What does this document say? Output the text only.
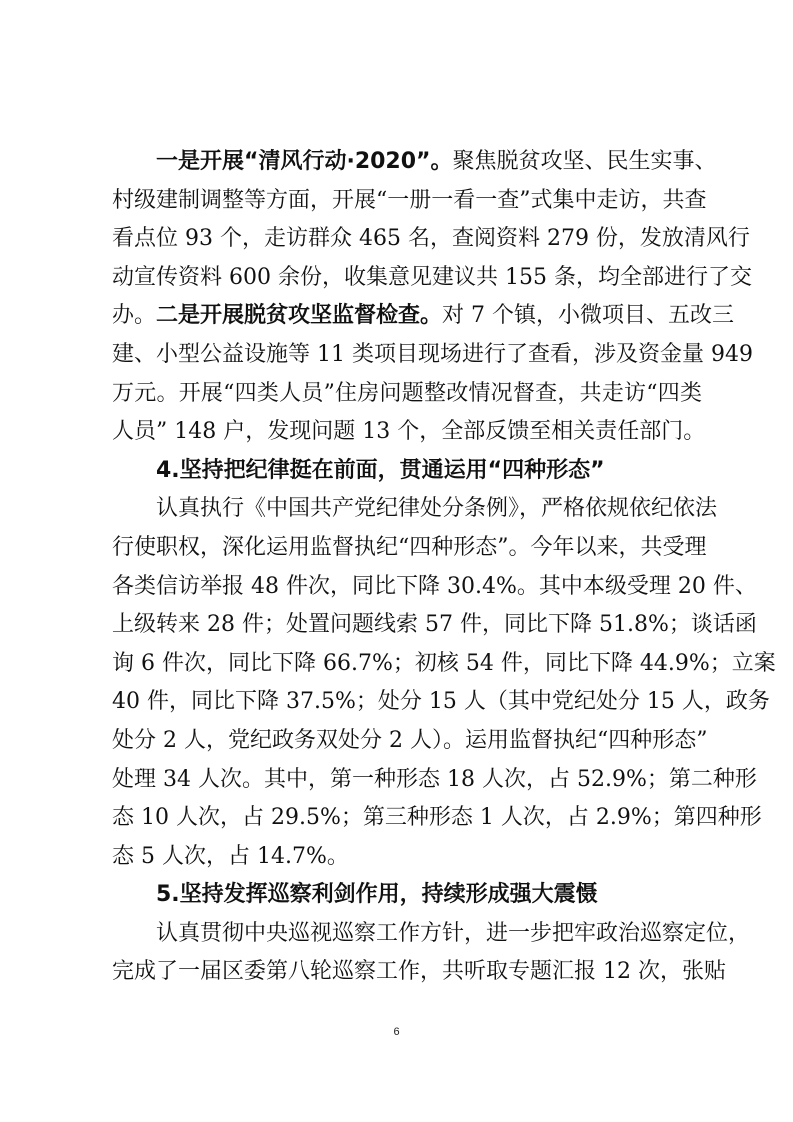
一是开展“清风行动·2020”。聚焦脱贫攻坚、民生实事、
村级建制调整等方面，开展“一册一看一查”式集中走访，共查
看点位 93 个，走访群众 465 名，查阅资料 279 份，发放清风行
动宣传资料 600 余份，收集意见建议共 155 条，均全部进行了交
办。二是开展脱贫攻坚监督检查。对 7 个镇，小微项目、五改三
建、小型公益设施等 11 类项目现场进行了查看，涉及资金量 949
万元。开展“四类人员”住房问题整改情况督查，共走访“四类
人员” 148 户，发现问题 13 个，全部反馈至相关责任部门。
4.坚持把纪律挺在前面，贯通运用“四种形态”
认真执行《中国共产党纪律处分条例》，严格依规依纪依法
行使职权，深化运用监督执纪“四种形态”。今年以来，共受理
各类信访举报 48 件次，同比下降 30.4%。其中本级受理 20 件、
上级转来 28 件；处置问题线索 57 件，同比下降 51.8%；谈话函
询 6 件次，同比下降 66.7%；初核 54 件，同比下降 44.9%；立案
40 件，同比下降 37.5%；处分 15 人（其中党纪处分 15 人，政务
处分 2 人，党纪政务双处分 2 人）。运用监督执纪“四种形态”
处理 34 人次。其中，第一种形态 18 人次，占 52.9%；第二种形
态 10 人次，占 29.5%；第三种形态 1 人次，占 2.9%；第四种形
态 5 人次，占 14.7%。
5.坚持发挥巡察利剑作用，持续形成强大震慑
认真贯彻中央巡视巡察工作方针，进一步把牢政治巡察定位，
完成了一届区委第八轮巡察工作，共听取专题汇报 12 次，张贴
6
